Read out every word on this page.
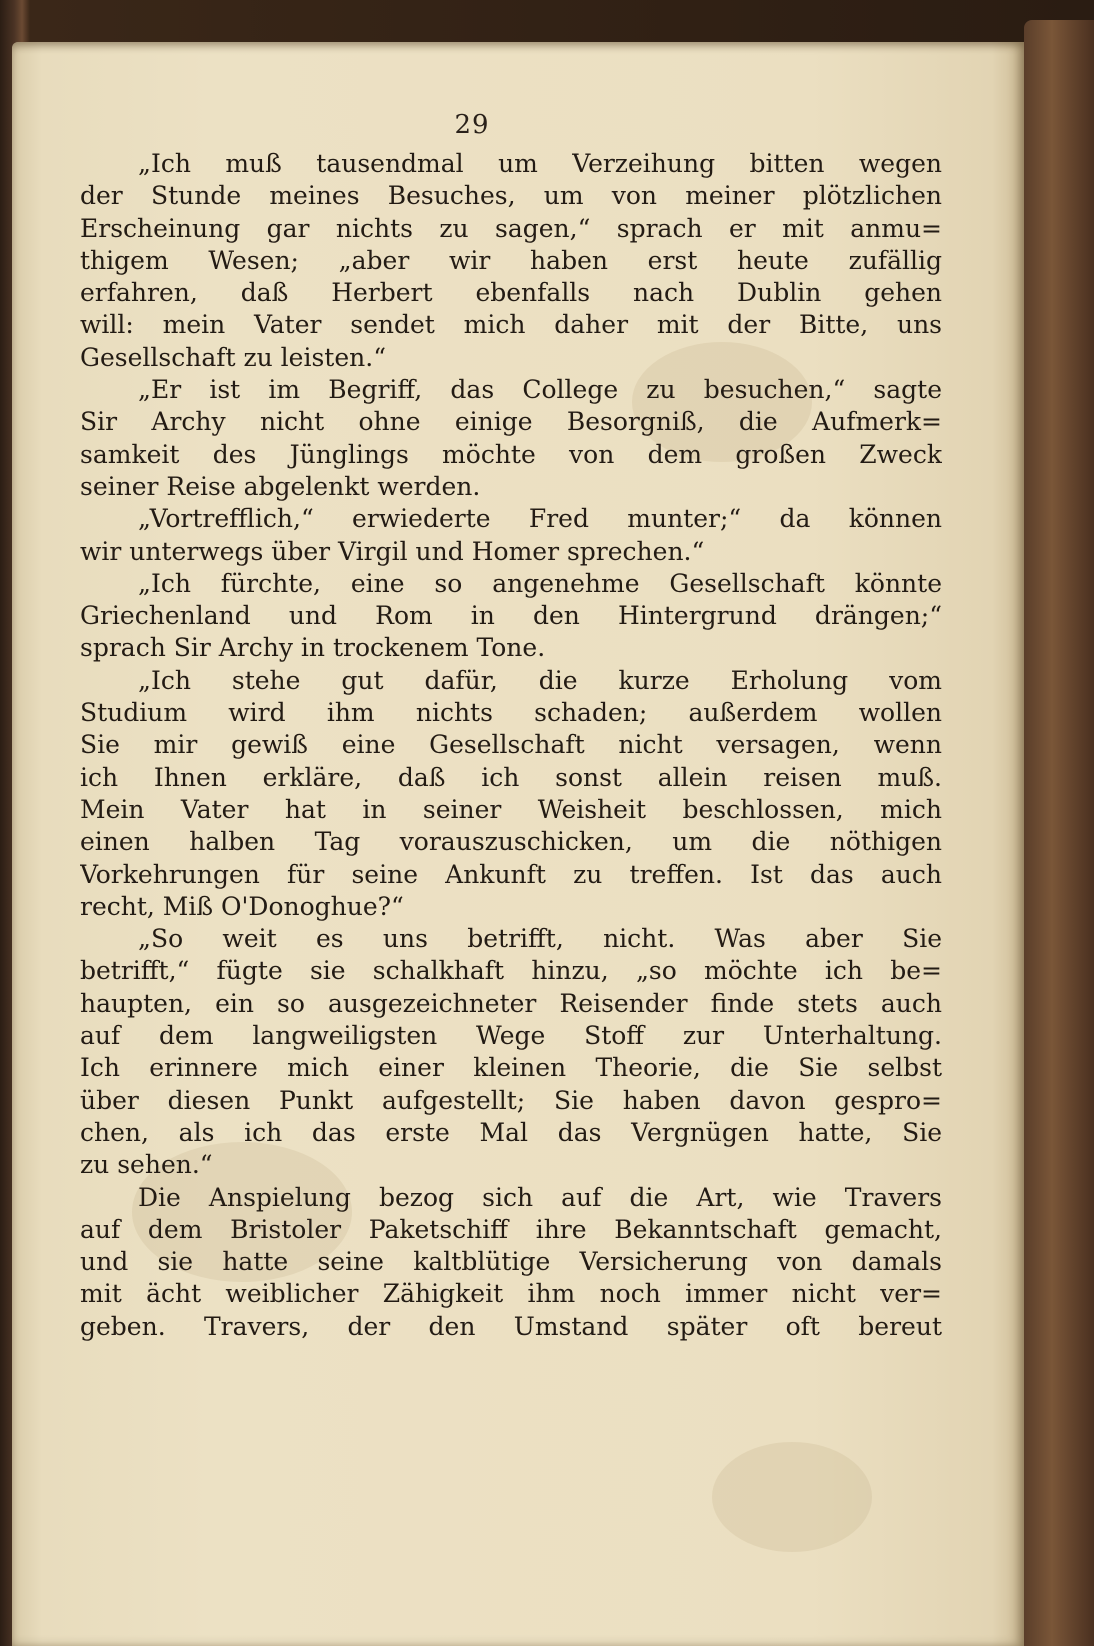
29
„Ich muß tausendmal um Verzeihung bitten wegen
der Stunde meines Besuches, um von meiner plötzlichen
Erscheinung gar nichts zu sagen,“ sprach er mit anmu=
thigem Wesen; „aber wir haben erst heute zufällig
erfahren, daß Herbert ebenfalls nach Dublin gehen
will: mein Vater sendet mich daher mit der Bitte, uns
Gesellschaft zu leisten.“
„Er ist im Begriff, das College zu besuchen,“ sagte
Sir Archy nicht ohne einige Besorgniß, die Aufmerk=
samkeit des Jünglings möchte von dem großen Zweck
seiner Reise abgelenkt werden.
„Vortrefflich,“ erwiederte Fred munter;“ da können
wir unterwegs über Virgil und Homer sprechen.“
„Ich fürchte, eine so angenehme Gesellschaft könnte
Griechenland und Rom in den Hintergrund drängen;“
sprach Sir Archy in trockenem Tone.
„Ich stehe gut dafür, die kurze Erholung vom
Studium wird ihm nichts schaden; außerdem wollen
Sie mir gewiß eine Gesellschaft nicht versagen, wenn
ich Ihnen erkläre, daß ich sonst allein reisen muß.
Mein Vater hat in seiner Weisheit beschlossen, mich
einen halben Tag vorauszuschicken, um die nöthigen
Vorkehrungen für seine Ankunft zu treffen. Ist das auch
recht, Miß O'Donoghue?“
„So weit es uns betrifft, nicht. Was aber Sie
betrifft,“ fügte sie schalkhaft hinzu, „so möchte ich be=
haupten, ein so ausgezeichneter Reisender finde stets auch
auf dem langweiligsten Wege Stoff zur Unterhaltung.
Ich erinnere mich einer kleinen Theorie, die Sie selbst
über diesen Punkt aufgestellt; Sie haben davon gespro=
chen, als ich das erste Mal das Vergnügen hatte, Sie
zu sehen.“
Die Anspielung bezog sich auf die Art, wie Travers
auf dem Bristoler Paketschiff ihre Bekanntschaft gemacht,
und sie hatte seine kaltblütige Versicherung von damals
mit ächt weiblicher Zähigkeit ihm noch immer nicht ver=
geben. Travers, der den Umstand später oft bereut
